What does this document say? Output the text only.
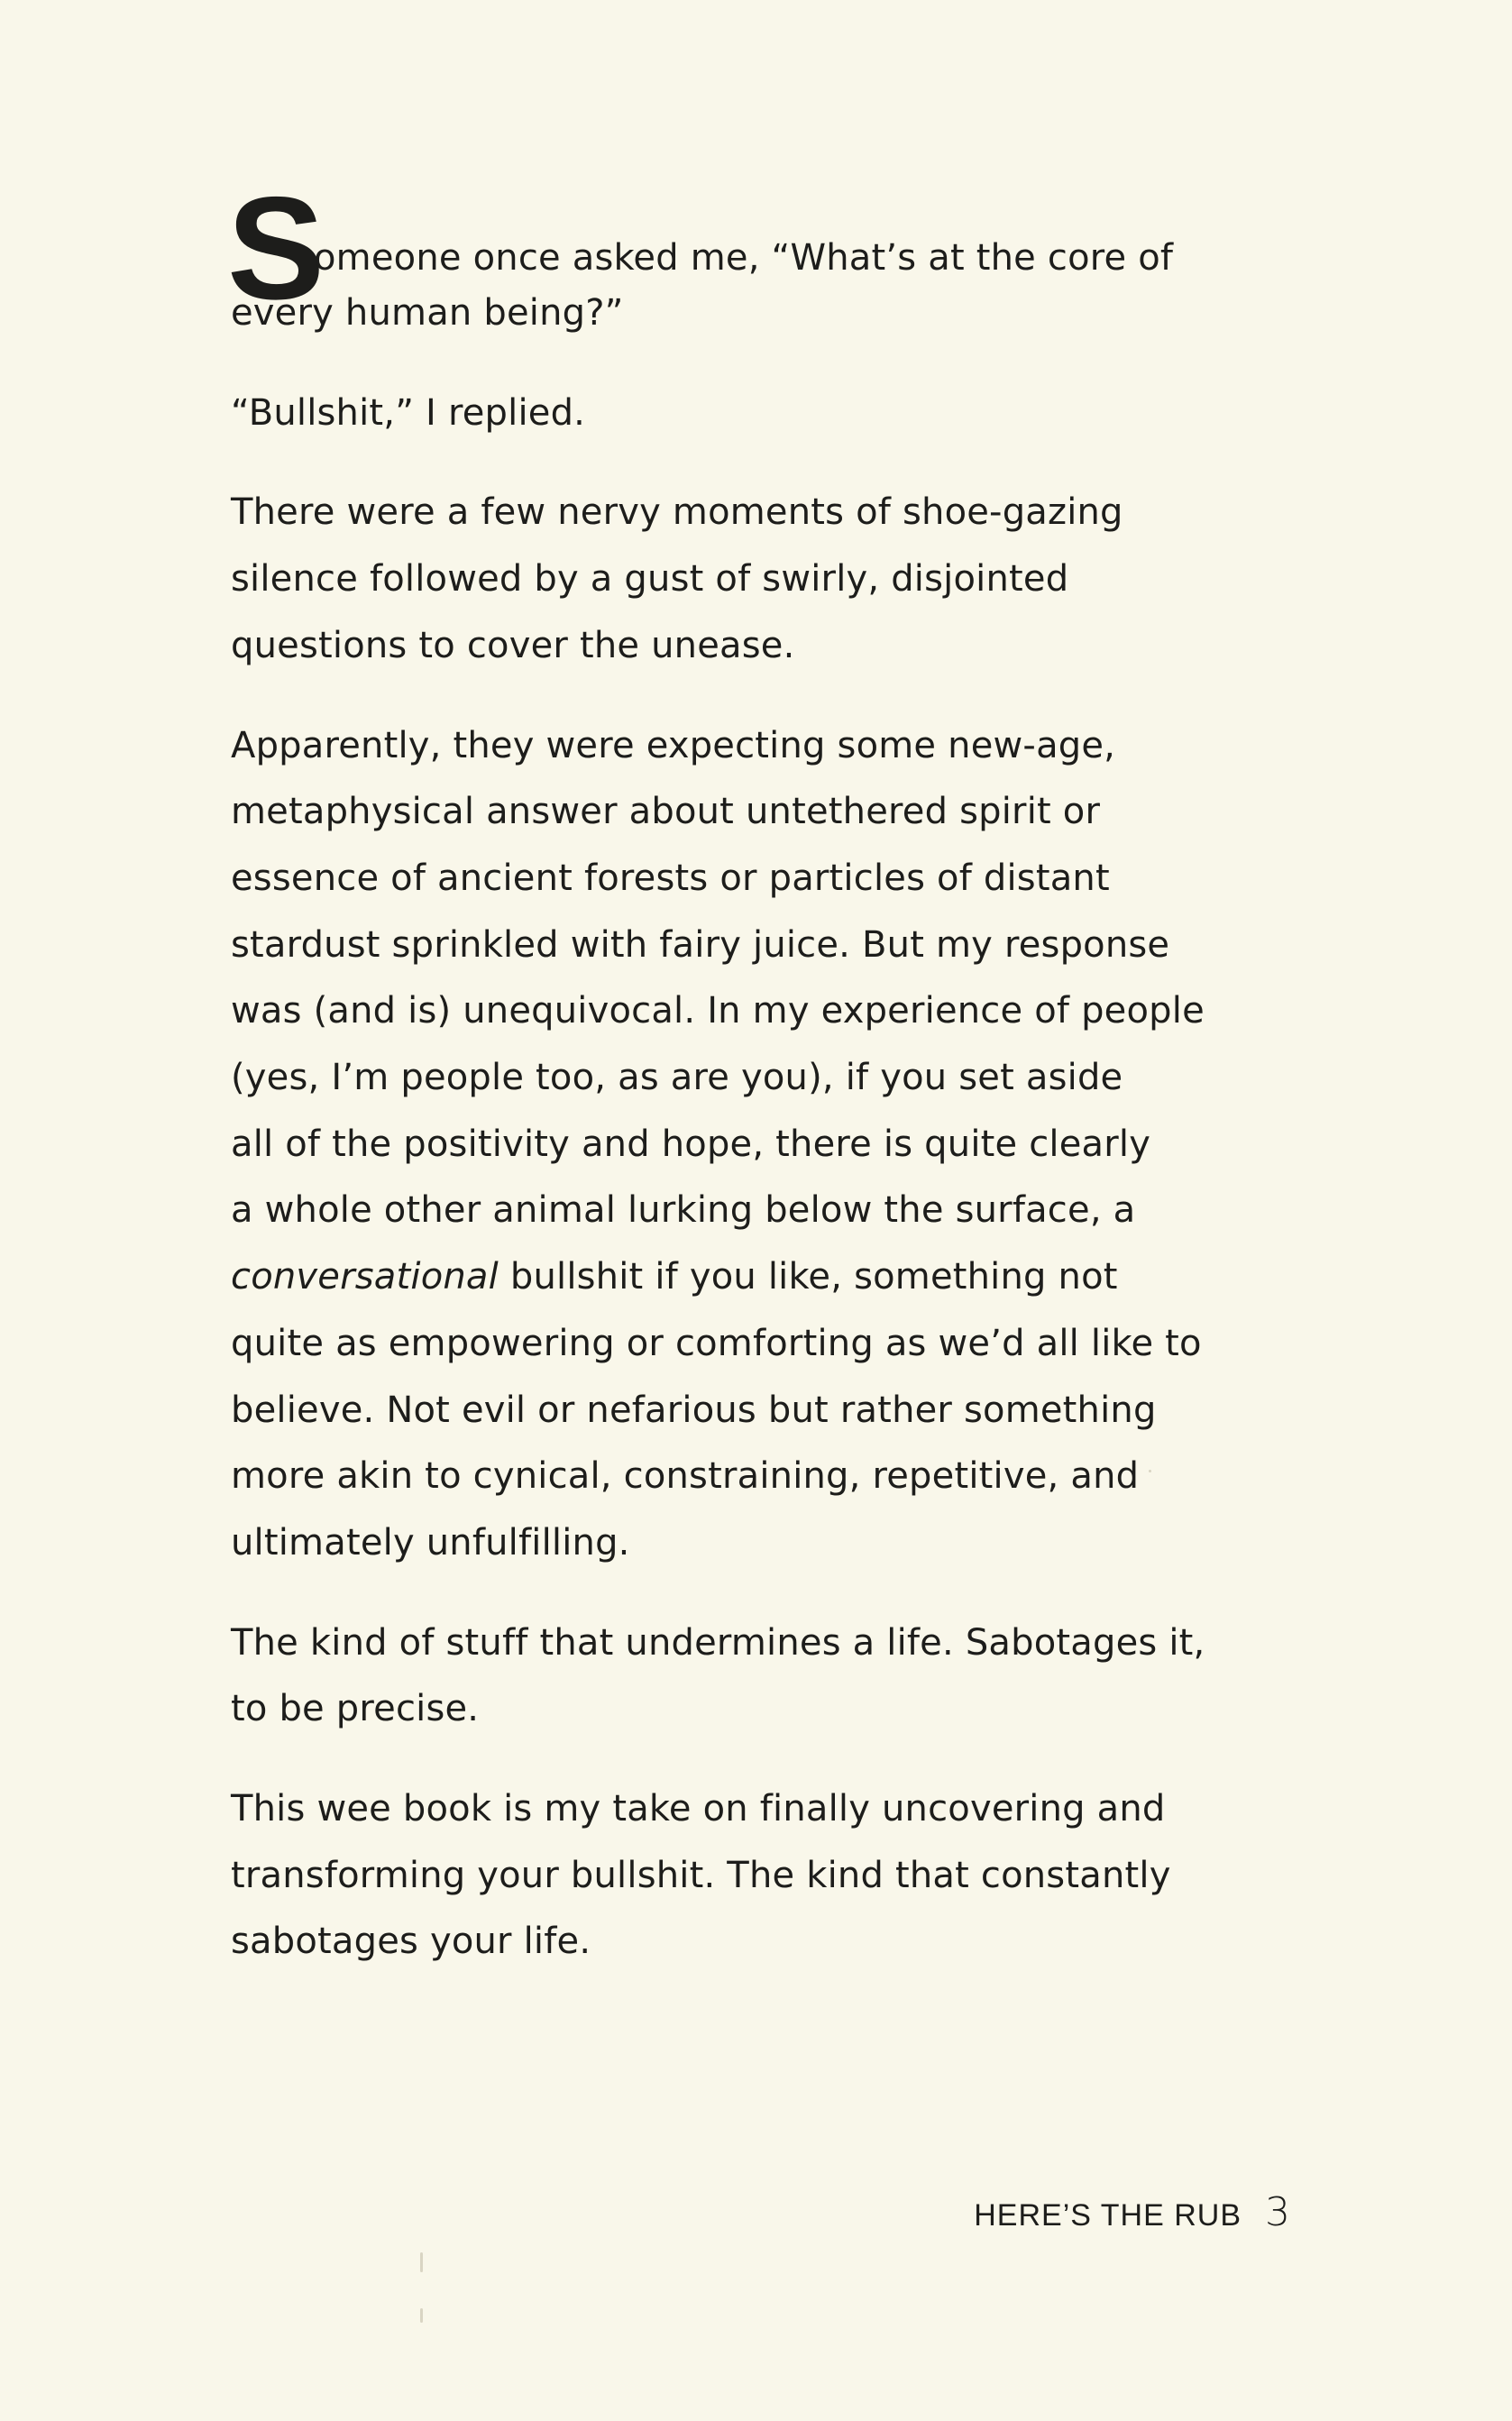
S
omeone once asked me, “What’s at the core of
every human being?”

“Bullshit,” I replied.

There were a few nervy moments of shoe-gazing
silence followed by a gust of swirly, disjointed
questions to cover the unease.

Apparently, they were expecting some new-age,
metaphysical answer about untethered spirit or
essence of ancient forests or particles of distant
stardust sprinkled with fairy juice. But my response
was (and is) unequivocal. In my experience of people
(yes, I’m people too, as are you), if you set aside
all of the positivity and hope, there is quite clearly
a whole other animal lurking below the surface, a
conversational bullshit if you like, something not
quite as empowering or comforting as we’d all like to
believe. Not evil or nefarious but rather something
more akin to cynical, constraining, repetitive, and
ultimately unfulfilling.

The kind of stuff that undermines a life. Sabotages it,
to be precise.

This wee book is my take on finally uncovering and
transforming your bullshit. The kind that constantly
sabotages your life.

HERE’S THE RUB 3
